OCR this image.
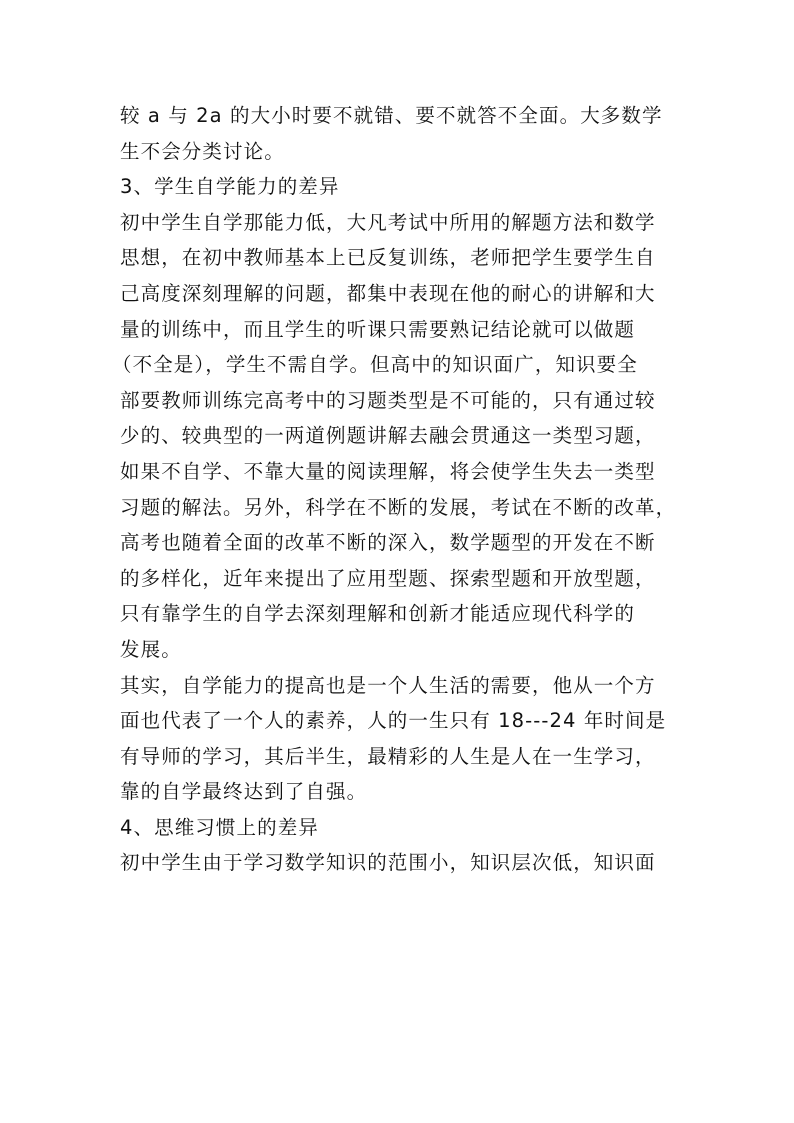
较 a 与 2a 的大小时要不就错、要不就答不全面。大多数学
生不会分类讨论。
3、学生自学能力的差异
初中学生自学那能力低，大凡考试中所用的解题方法和数学
思想，在初中教师基本上已反复训练，老师把学生要学生自
己高度深刻理解的问题，都集中表现在他的耐心的讲解和大
量的训练中，而且学生的听课只需要熟记结论就可以做题
（不全是），学生不需自学。但高中的知识面广，知识要全
部要教师训练完高考中的习题类型是不可能的，只有通过较
少的、较典型的一两道例题讲解去融会贯通这一类型习题，
如果不自学、不靠大量的阅读理解，将会使学生失去一类型
习题的解法。另外，科学在不断的发展，考试在不断的改革，
高考也随着全面的改革不断的深入，数学题型的开发在不断
的多样化，近年来提出了应用型题、探索型题和开放型题，
只有靠学生的自学去深刻理解和创新才能适应现代科学的
发展。
其实，自学能力的提高也是一个人生活的需要，他从一个方
面也代表了一个人的素养，人的一生只有 18---24 年时间是
有导师的学习，其后半生，最精彩的人生是人在一生学习，
靠的自学最终达到了自强。
4、思维习惯上的差异
初中学生由于学习数学知识的范围小，知识层次低，知识面
